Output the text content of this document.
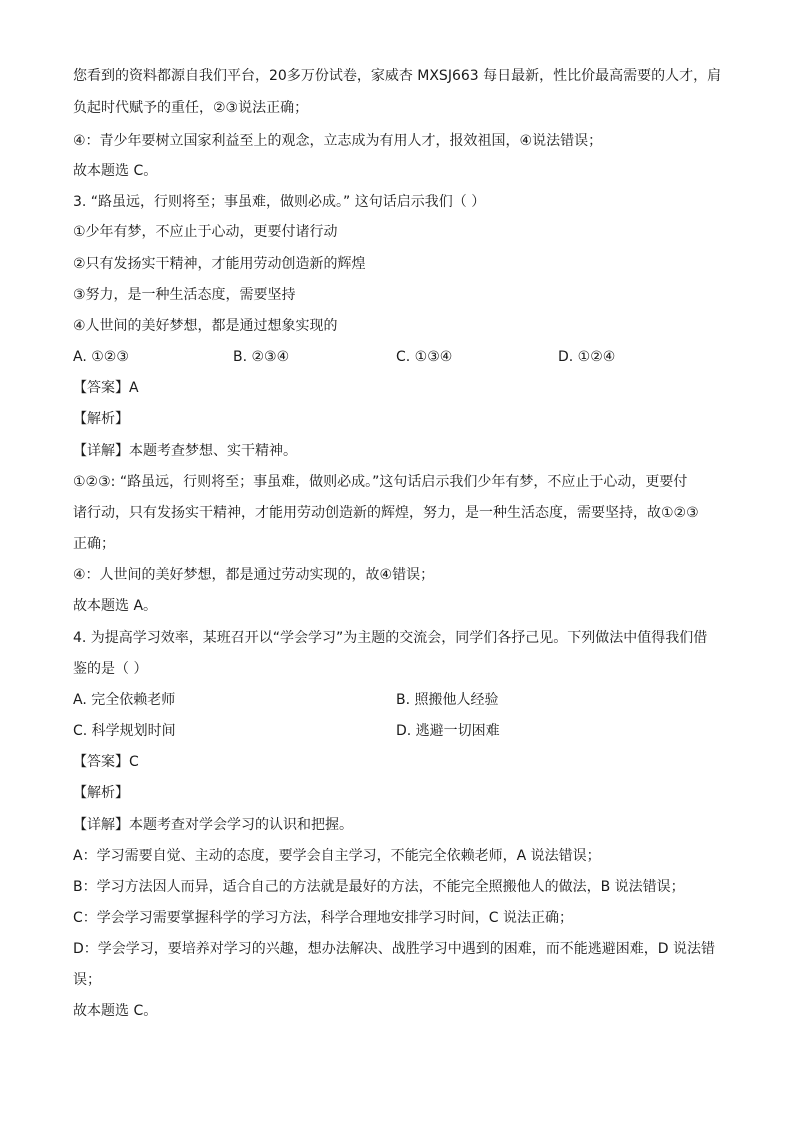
您看到的资料都源自我们平台，20多万份试卷，家威杏 MXSJ663 每日最新，性比价最高需要的人才，肩
负起时代赋予的重任，②③说法正确；
④：青少年要树立国家利益至上的观念，立志成为有用人才，报效祖国，④说法错误；
故本题选 C。
3. “路虽远，行则将至；事虽难，做则必成。” 这句话启示我们（ ）
①少年有梦，不应止于心动，更要付诸行动
②只有发扬实干精神，才能用劳动创造新的辉煌
③努力，是一种生活态度，需要坚持
④人世间的美好梦想，都是通过想象实现的
A. ①②③	B. ②③④	C. ①③④	D. ①②④
【答案】A
【解析】
【详解】本题考查梦想、实干精神。
①②③: “路虽远，行则将至；事虽难，做则必成。”这句话启示我们少年有梦，不应止于心动，更要付
诸行动，只有发扬实干精神，才能用劳动创造新的辉煌，努力，是一种生活态度，需要坚持，故①②③
正确；
④：人世间的美好梦想，都是通过劳动实现的，故④错误；
故本题选 A。
4. 为提高学习效率，某班召开以“学会学习”为主题的交流会，同学们各抒己见。下列做法中值得我们借
鉴的是（ ）
A. 完全依赖老师	B. 照搬他人经验
C. 科学规划时间	D. 逃避一切困难
【答案】C
【解析】
【详解】本题考查对学会学习的认识和把握。
A：学习需要自觉、主动的态度，要学会自主学习，不能完全依赖老师，A 说法错误；
B：学习方法因人而异，适合自己的方法就是最好的方法，不能完全照搬他人的做法，B 说法错误；
C：学会学习需要掌握科学的学习方法，科学合理地安排学习时间，C 说法正确；
D：学会学习，要培养对学习的兴趣，想办法解决、战胜学习中遇到的困难，而不能逃避困难，D 说法错
误；
故本题选 C。
